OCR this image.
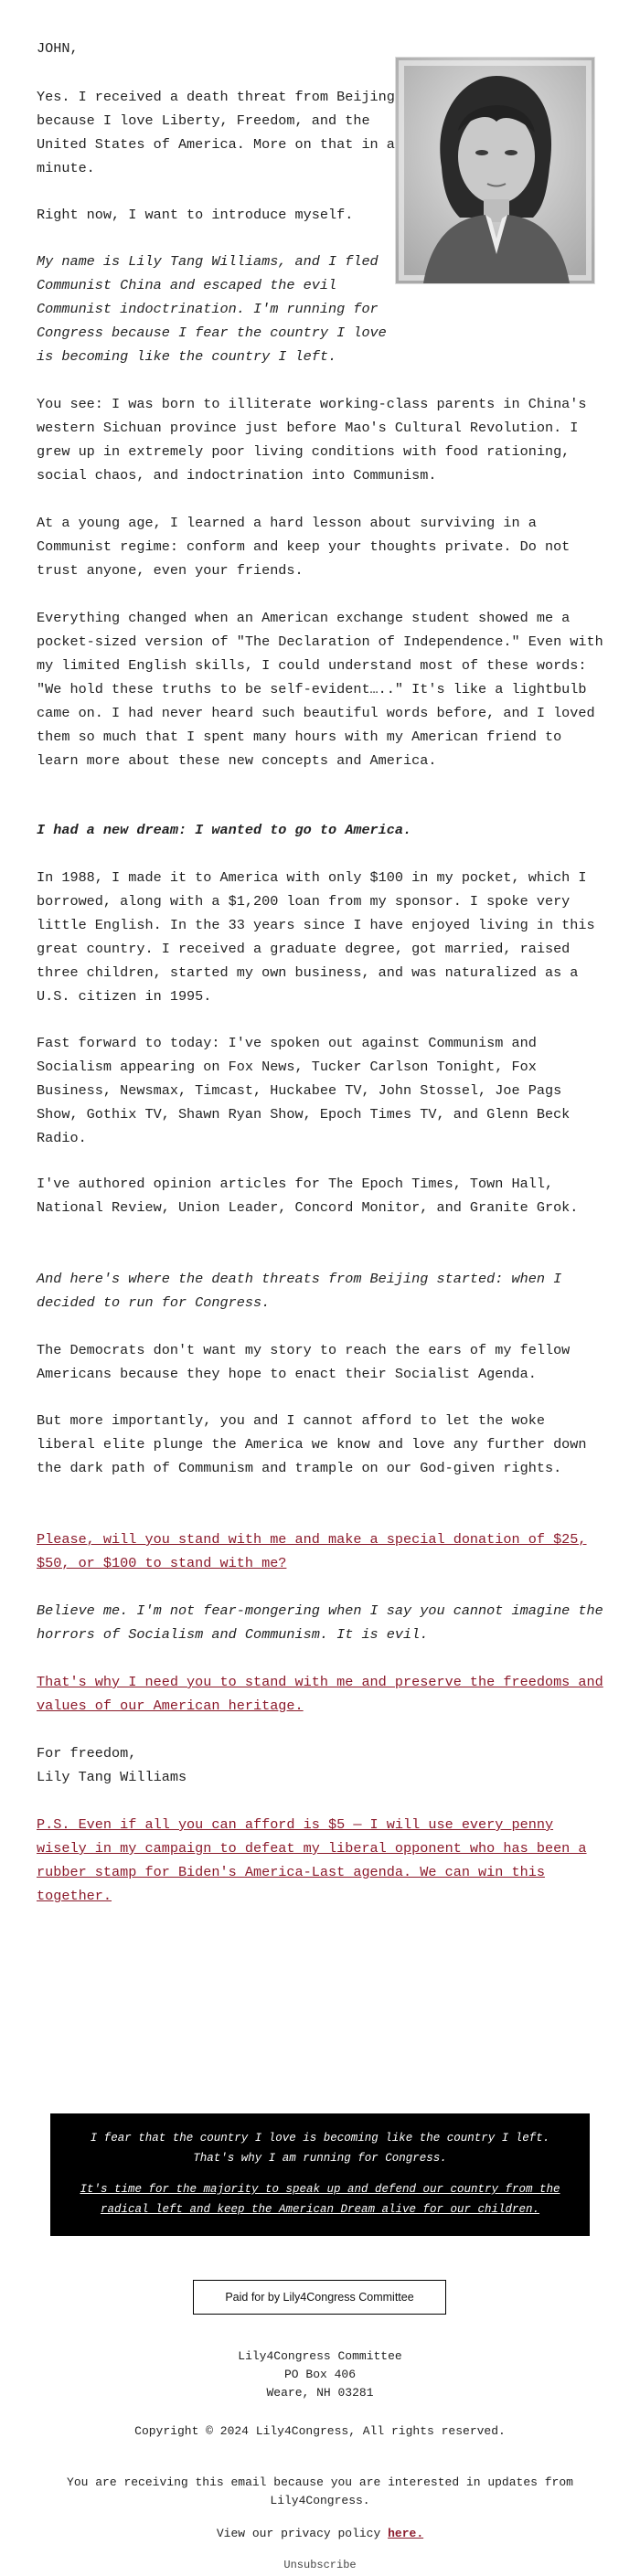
JOHN,

Yes. I received a death threat from Beijing because I love Liberty, Freedom, and the United States of America. More on that in a minute.

Right now, I want to introduce myself.

My name is Lily Tang Williams, and I fled Communist China and escaped the evil Communist indoctrination. I'm running for Congress because I fear the country I love is becoming like the country I left.

You see: I was born to illiterate working-class parents in China's western Sichuan province just before Mao's Cultural Revolution. I grew up in extremely poor living conditions with food rationing, social chaos, and indoctrination into Communism.

At a young age, I learned a hard lesson about surviving in a Communist regime: conform and keep your thoughts private. Do not trust anyone, even your friends.

Everything changed when an American exchange student showed me a pocket-sized version of "The Declaration of Independence." Even with my limited English skills, I could understand most of these words: "We hold these truths to be self-evident….." It's like a lightbulb came on. I had never heard such beautiful words before, and I loved them so much that I spent many hours with my American friend to learn more about these new concepts and America.

I had a new dream: I wanted to go to America.

In 1988, I made it to America with only $100 in my pocket, which I borrowed, along with a $1,200 loan from my sponsor. I spoke very little English. In the 33 years since I have enjoyed living in this great country. I received a graduate degree, got married, raised three children, started my own business, and was naturalized as a U.S. citizen in 1995.

Fast forward to today: I've spoken out against Communism and Socialism appearing on Fox News, Tucker Carlson Tonight, Fox Business, Newsmax, Timcast, Huckabee TV, John Stossel, Joe Pags Show, Gothix TV, Shawn Ryan Show, Epoch Times TV, and Glenn Beck Radio.

I've authored opinion articles for The Epoch Times, Town Hall, National Review, Union Leader, Concord Monitor, and Granite Grok.

And here's where the death threats from Beijing started: when I decided to run for Congress.

The Democrats don't want my story to reach the ears of my fellow Americans because they hope to enact their Socialist Agenda.

But more importantly, you and I cannot afford to let the woke liberal elite plunge the America we know and love any further down the dark path of Communism and trample on our God-given rights.

Please, will you stand with me and make a special donation of $25, $50, or $100 to stand with me?

Believe me. I'm not fear-mongering when I say you cannot imagine the horrors of Socialism and Communism. It is evil.

That's why I need you to stand with me and preserve the freedoms and values of our American heritage.

For freedom,

Lily Tang Williams

P.S. Even if all you can afford is $5 — I will use every penny wisely in my campaign to defeat my liberal opponent who has been a rubber stamp for Biden's America-Last agenda. We can win this together.

I fear that the country I love is becoming like the country I left. That's why I am running for Congress.

It's time for the majority to speak up and defend our country from the radical left and keep the American Dream alive for our children.

Paid for by Lily4Congress Committee
Lily4Congress Committee
PO Box 406
Weare, NH 03281
Copyright © 2024 Lily4Congress, All rights reserved.
You are receiving this email because you are interested in updates from Lily4Congress.
View our privacy policy here.
Unsubscribe
